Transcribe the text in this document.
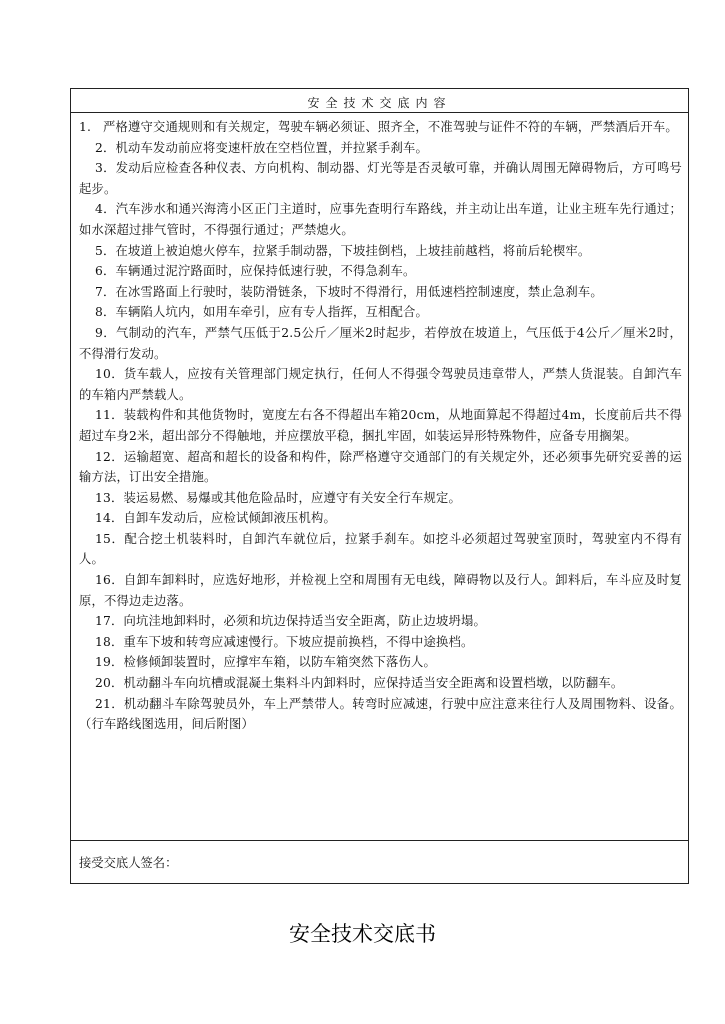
安全技术交底内容

1. 严格遵守交通规则和有关规定，驾驶车辆必须证、照齐全，不准驾驶与证件不符的车辆，严禁酒后开车。

2．机动车发动前应将变速杆放在空档位置，并拉紧手刹车。

3．发动后应检查各种仪表、方向机构、制动器、灯光等是否灵敏可靠，并确认周围无障碍物后，方可鸣号起步。

4．汽车涉水和通兴海湾小区正门主道时，应事先查明行车路线，并主动让出车道，让业主班车先行通过；如水深超过排气管时，不得强行通过；严禁熄火。

5．在坡道上被迫熄火停车，拉紧手制动器，下坡挂倒档，上坡挂前越档，将前后轮楔牢。

6．车辆通过泥泞路面时，应保持低速行驶，不得急刹车。

7．在冰雪路面上行驶时，装防滑链条，下坡时不得滑行，用低速档控制速度，禁止急刹车。

8．车辆陷人坑内，如用车牵引，应有专人指挥，互相配合。

9．气制动的汽车，严禁气压低于2.5公斤／厘米2时起步，若停放在坡道上，气压低于4公斤／厘米2时，不得滑行发动。

10．货车载人，应按有关管理部门规定执行，任何人不得强令驾驶员违章带人，严禁人货混装。自卸汽车的车箱内严禁载人。

11．装载构件和其他货物时，宽度左右各不得超出车箱20cm，从地面算起不得超过4m，长度前后共不得超过车身2米，超出部分不得触地，并应摆放平稳，捆扎牢固，如装运异形特殊物件，应备专用搁架。

12．运输超宽、超高和超长的设备和构件，除严格遵守交通部门的有关规定外，还必须事先研究妥善的运输方法，订出安全措施。

13．装运易燃、易爆或其他危险品时，应遵守有关安全行车规定。

14．自卸车发动后，应检试倾卸液压机构。

15．配合挖土机装料时，自卸汽车就位后，拉紧手刹车。如挖斗必须超过驾驶室顶时，驾驶室内不得有人。

16．自卸车卸料时，应选好地形，并检视上空和周围有无电线，障碍物以及行人。卸料后，车斗应及时复原，不得边走边落。

17．向坑洼地卸料时，必须和坑边保持适当安全距离，防止边坡坍塌。

18．重车下坡和转弯应减速慢行。下坡应提前换档，不得中途换档。

19．检修倾卸装置时，应撑牢车箱，以防车箱突然下落伤人。

20．机动翻斗车向坑槽或混凝土集料斗内卸料时，应保持适当安全距离和设置档墩，以防翻车。

21．机动翻斗车除驾驶员外，车上严禁带人。转弯时应减速，行驶中应注意来往行人及周围物料、设备。（行车路线图选用，间后附图）

接受交底人签名：
安全技术交底书
